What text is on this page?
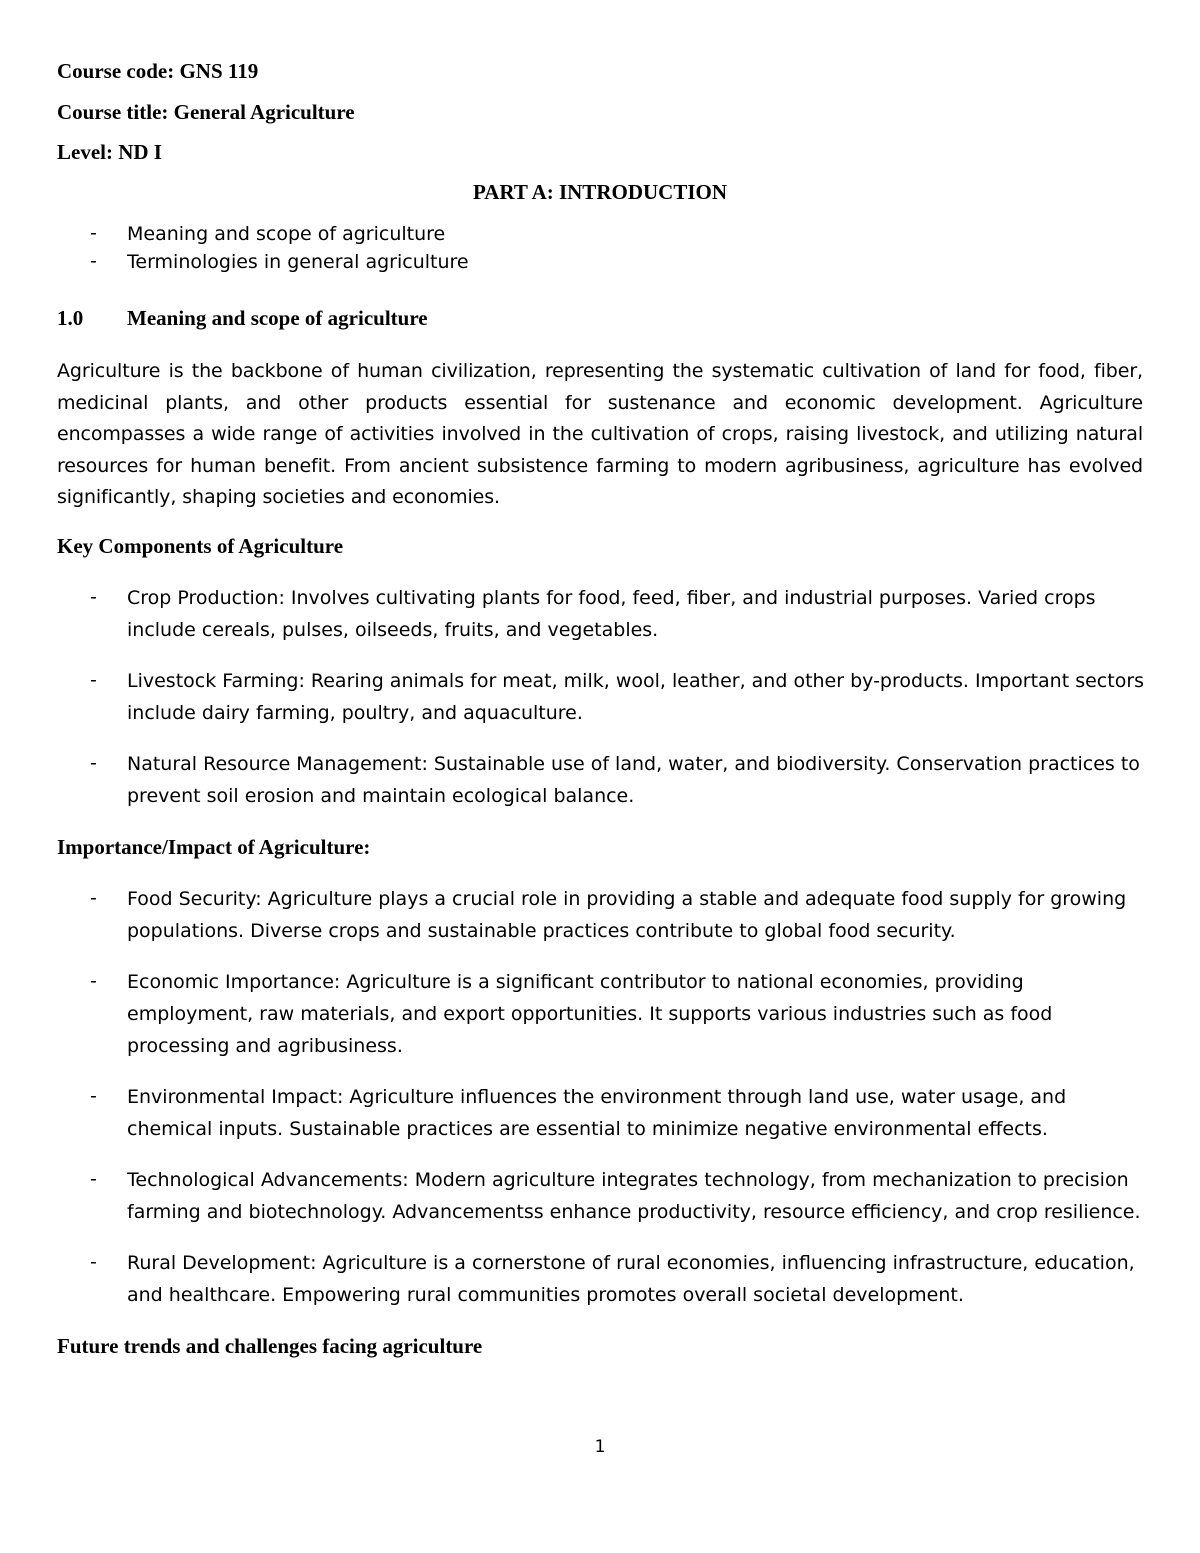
Course code: GNS 119
Course title: General Agriculture
Level: ND I
PART A: INTRODUCTION
- Meaning and scope of agriculture
- Terminologies in general agriculture
1.0 Meaning and scope of agriculture
Agriculture is the backbone of human civilization, representing the systematic cultivation of land for food, fiber, medicinal plants, and other products essential for sustenance and economic development. Agriculture encompasses a wide range of activities involved in the cultivation of crops, raising livestock, and utilizing natural resources for human benefit. From ancient subsistence farming to modern agribusiness, agriculture has evolved significantly, shaping societies and economies.
Key Components of Agriculture
- Crop Production: Involves cultivating plants for food, feed, fiber, and industrial purposes. Varied crops include cereals, pulses, oilseeds, fruits, and vegetables.
- Livestock Farming: Rearing animals for meat, milk, wool, leather, and other by-products. Important sectors include dairy farming, poultry, and aquaculture.
- Natural Resource Management: Sustainable use of land, water, and biodiversity. Conservation practices to prevent soil erosion and maintain ecological balance.
Importance/Impact of Agriculture:
- Food Security: Agriculture plays a crucial role in providing a stable and adequate food supply for growing populations. Diverse crops and sustainable practices contribute to global food security.
- Economic Importance: Agriculture is a significant contributor to national economies, providing employment, raw materials, and export opportunities. It supports various industries such as food processing and agribusiness.
- Environmental Impact: Agriculture influences the environment through land use, water usage, and chemical inputs. Sustainable practices are essential to minimize negative environmental effects.
- Technological Advancements: Modern agriculture integrates technology, from mechanization to precision farming and biotechnology. Advancementss enhance productivity, resource efficiency, and crop resilience.
- Rural Development: Agriculture is a cornerstone of rural economies, influencing infrastructure, education, and healthcare. Empowering rural communities promotes overall societal development.
Future trends and challenges facing agriculture
1
